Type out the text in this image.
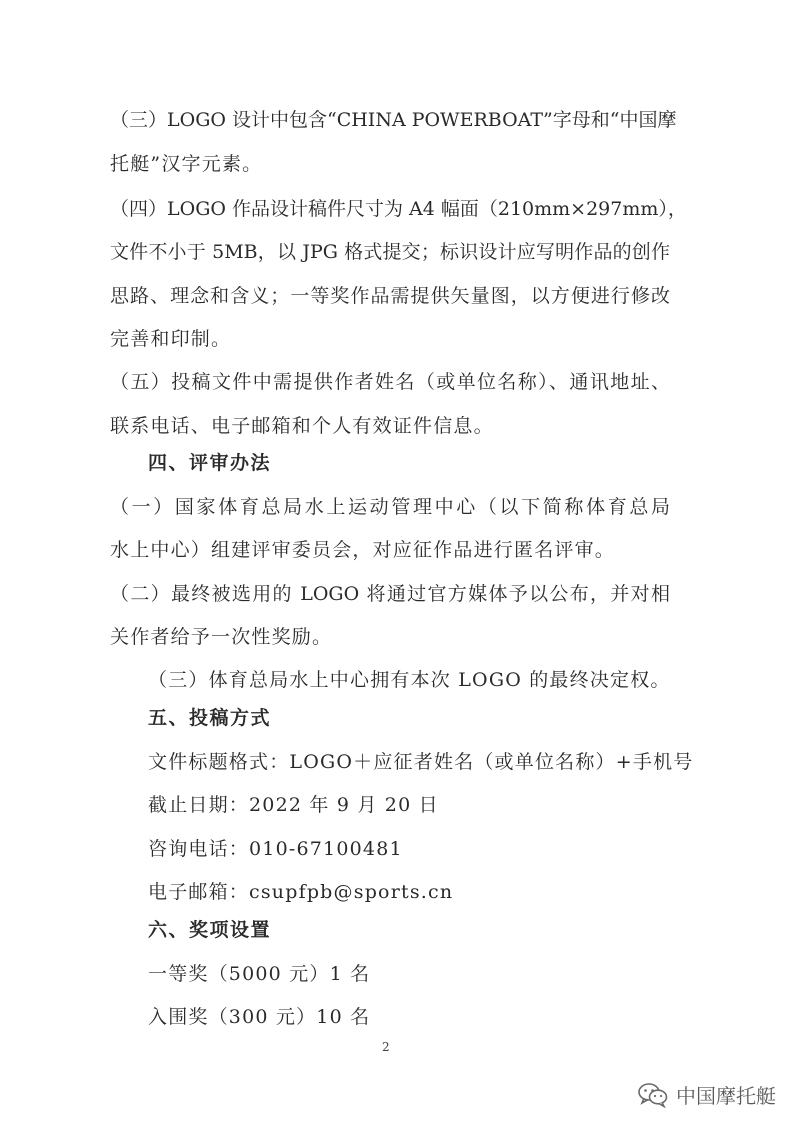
（三）LOGO 设计中包含“CHINA POWERBOAT”字母和“中国摩
托艇”汉字元素。
（四）LOGO 作品设计稿件尺寸为 A4 幅面（210mm×297mm），
文件不小于 5MB，以 JPG 格式提交；标识设计应写明作品的创作
思路、理念和含义；一等奖作品需提供矢量图，以方便进行修改
完善和印制。
（五）投稿文件中需提供作者姓名（或单位名称）、通讯地址、
联系电话、电子邮箱和个人有效证件信息。
四、评审办法
（一）国家体育总局水上运动管理中心（以下简称体育总局
水上中心）组建评审委员会，对应征作品进行匿名评审。
（二）最终被选用的 LOGO 将通过官方媒体予以公布，并对相
关作者给予一次性奖励。
（三）体育总局水上中心拥有本次 LOGO 的最终决定权。
五、投稿方式
文件标题格式：LOGO＋应征者姓名（或单位名称）+手机号
截止日期：2022 年 9 月 20 日
咨询电话：010-67100481
电子邮箱：csupfpb@sports.cn
六、奖项设置
一等奖（5000 元）1 名
入围奖（300 元）10 名
2
中国摩托艇
